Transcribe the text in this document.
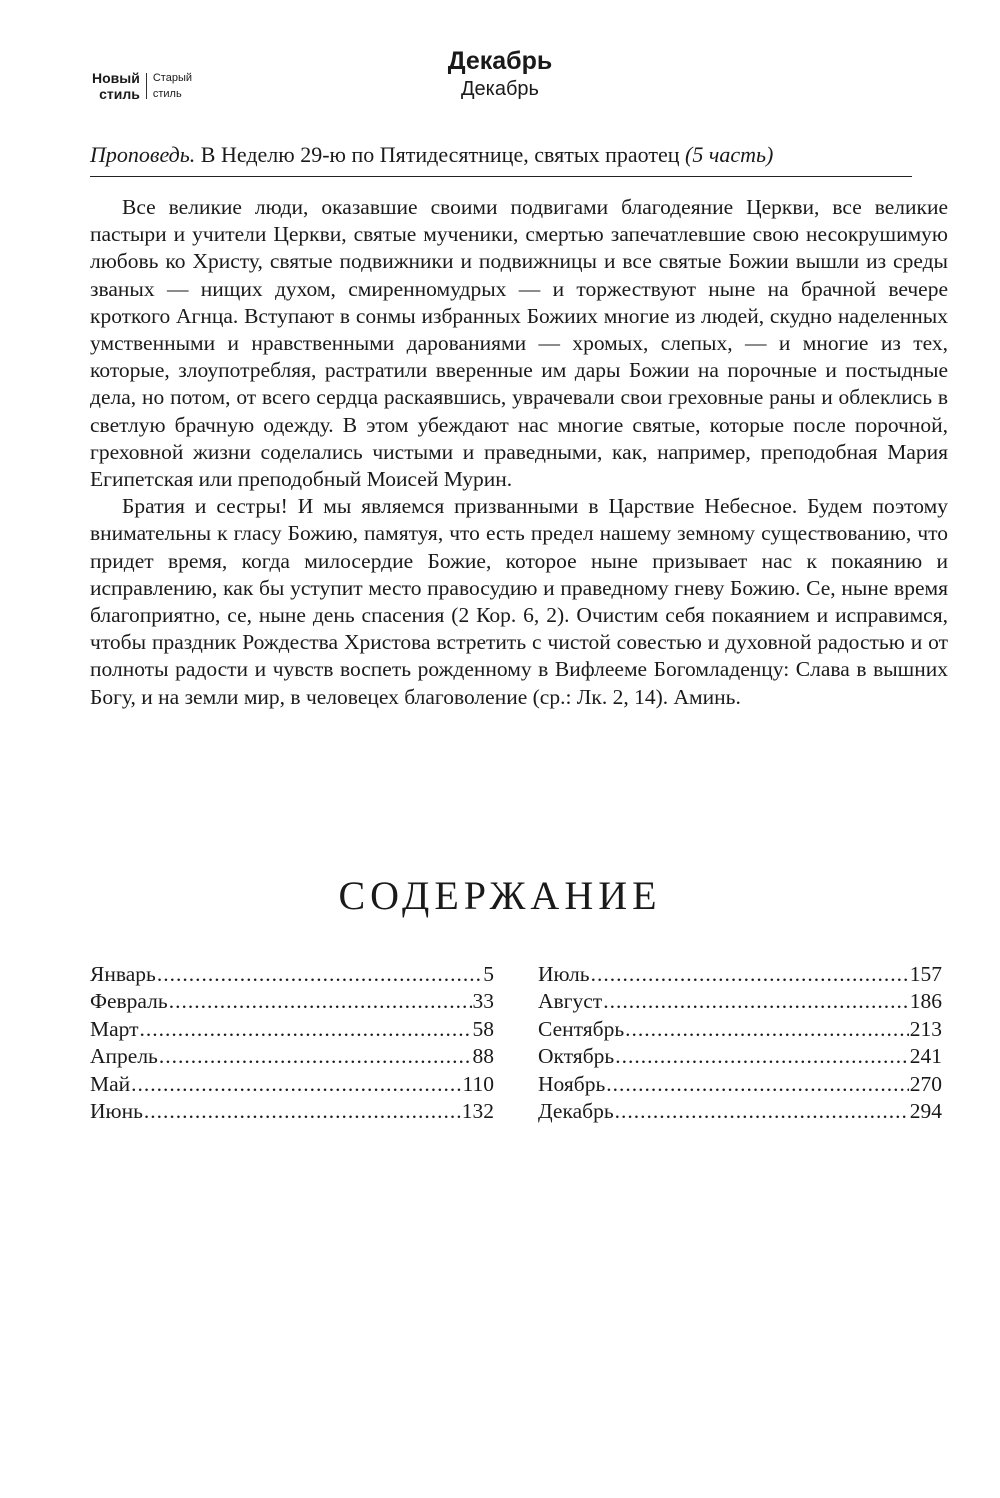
Новый
стиль
Старый
стиль
Декабрь
Декабрь
Проповедь. В Неделю 29-ю по Пятидесятнице, святых праотец (5 часть)

Все великие люди, оказавшие своими подвигами благодеяние Церкви, все великие пастыри и учители Церкви, святые мученики, смертью запечатлевшие свою несокрушимую любовь ко Христу, святые подвижники и подвижницы и все святые Божии вышли из среды званых — нищих духом, смиренномудрых — и торжествуют ныне на брачной вечере кроткого Агнца. Вступают в сонмы избранных Божиих многие из людей, скудно наделенных умственными и нравственными дарованиями — хромых, слепых, — и многие из тех, которые, злоупотребляя, растратили вверенные им дары Божии на порочные и постыдные дела, но потом, от всего сердца раскаявшись, уврачевали свои греховные раны и облеклись в светлую брачную одежду. В этом убеждают нас многие святые, которые после порочной, греховной жизни соделались чистыми и праведными, как, например, преподобная Мария Египетская или преподобный Моисей Мурин.

Братия и сестры! И мы являемся призванными в Царствие Небесное. Будем поэтому внимательны к гласу Божию, памятуя, что есть предел нашему земному существованию, что придет время, когда милосердие Божие, которое ныне призывает нас к покаянию и исправлению, как бы уступит место правосудию и праведному гневу Божию. Се, ныне время благоприятно, се, ныне день спасения (2 Кор. 6, 2). Очистим себя покаянием и исправимся, чтобы праздник Рождества Христова встретить с чистой совестью и духовной радостью и от полноты радости и чувств воспеть рожденному в Вифлееме Богомладенцу: Слава в вышних Богу, и на земли мир, в человецех благоволение (ср.: Лк. 2, 14). Аминь.

СОДЕРЖАНИЕ
Январь .....	5
Февраль .....	33
Март .....	58
Апрель .....	88
Май .....	110
Июнь .....	132
Июль .....	157
Август .....	186
Сентябрь .....	213
Октябрь .....	241
Ноябрь .....	270
Декабрь .....	294
